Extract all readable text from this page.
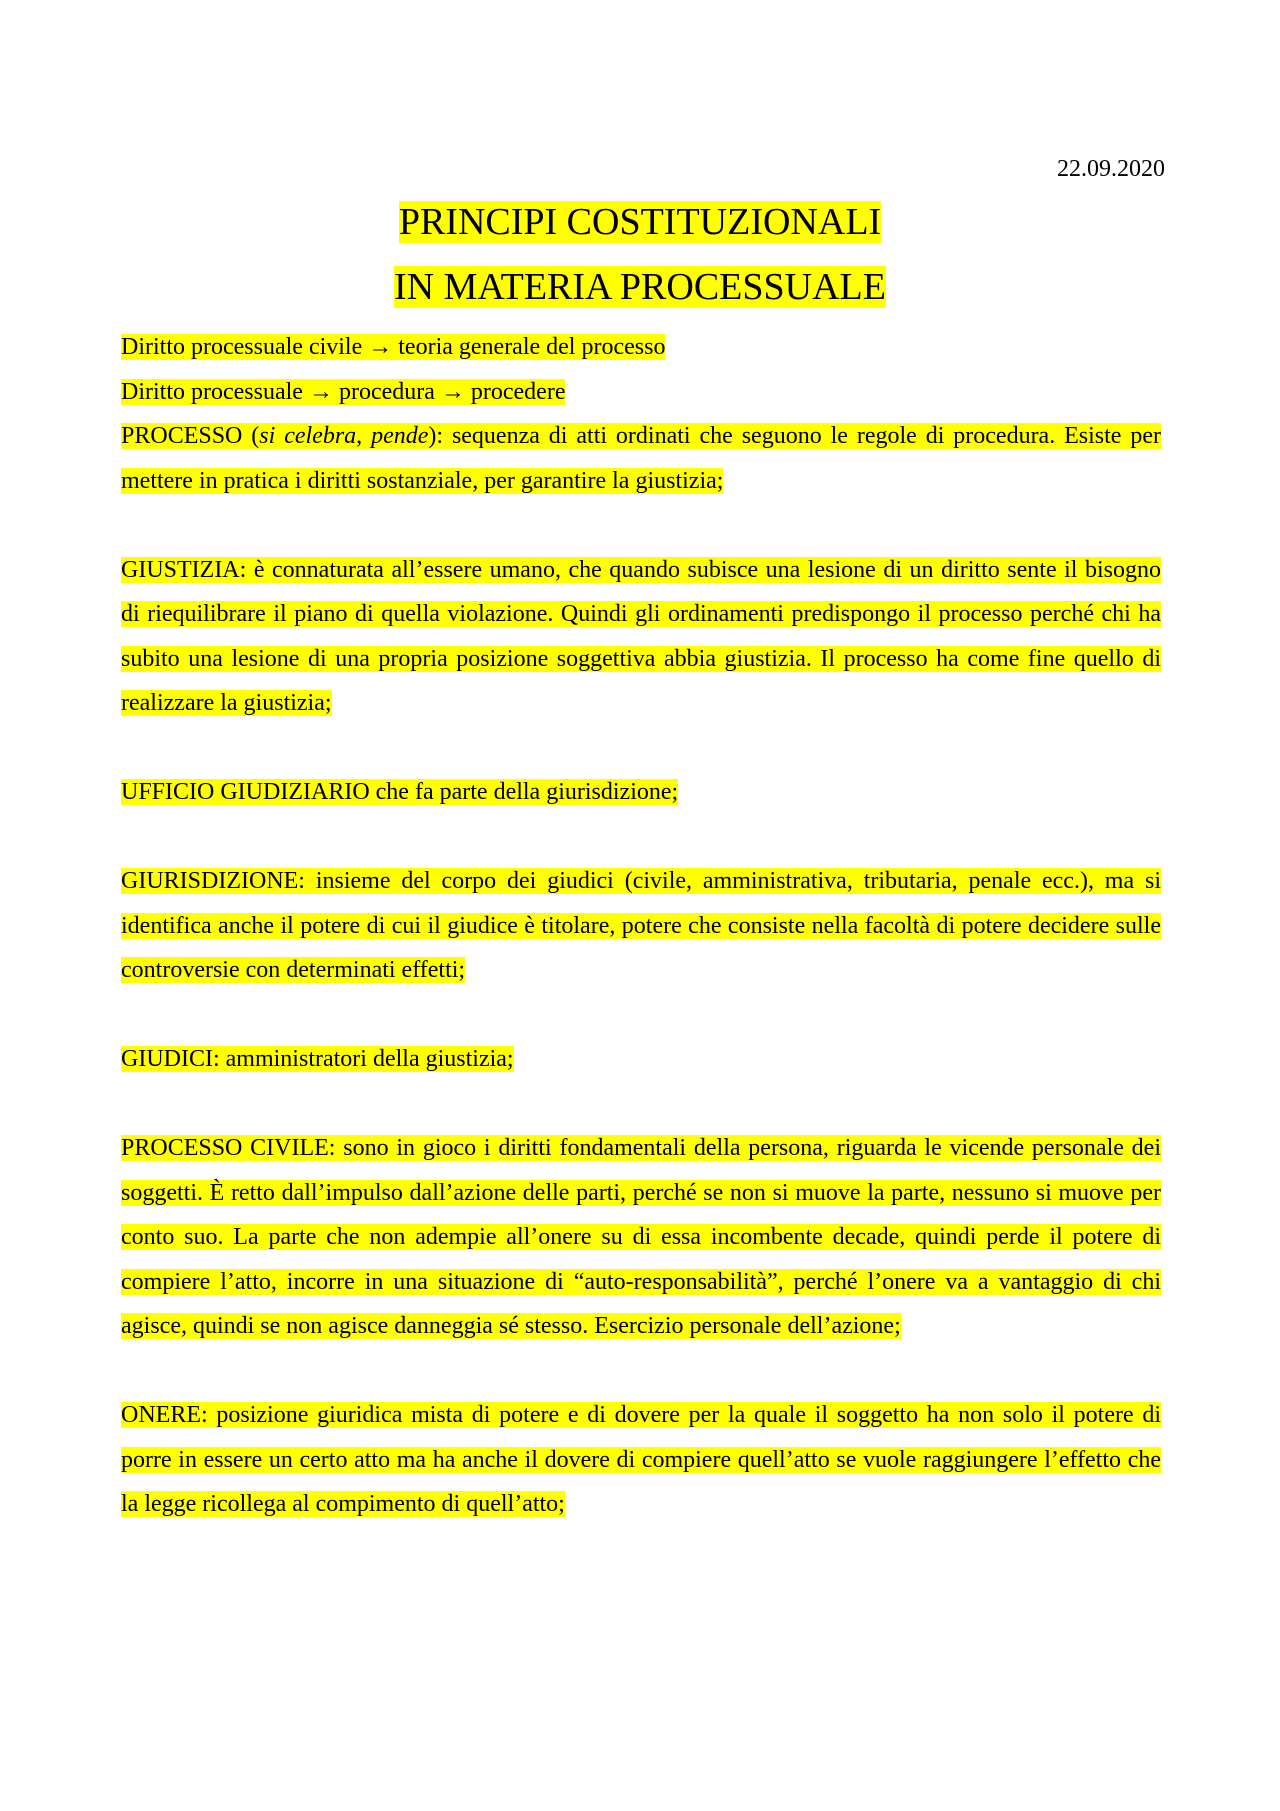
22.09.2020
PRINCIPI COSTITUZIONALI
IN MATERIA PROCESSUALE
Diritto processuale civile → teoria generale del processo
Diritto processuale → procedura → procedere
PROCESSO (si celebra, pende): sequenza di atti ordinati che seguono le regole di procedura. Esiste per mettere in pratica i diritti sostanziale, per garantire la giustizia;
GIUSTIZIA: è connaturata all’essere umano, che quando subisce una lesione di un diritto sente il bisogno di riequilibrare il piano di quella violazione. Quindi gli ordinamenti predispongo il processo perché chi ha subito una lesione di una propria posizione soggettiva abbia giustizia. Il processo ha come fine quello di realizzare la giustizia;
UFFICIO GIUDIZIARIO che fa parte della giurisdizione;
GIURISDIZIONE: insieme del corpo dei giudici (civile, amministrativa, tributaria, penale ecc.), ma si identifica anche il potere di cui il giudice è titolare, potere che consiste nella facoltà di potere decidere sulle controversie con determinati effetti;
GIUDICI: amministratori della giustizia;
PROCESSO CIVILE: sono in gioco i diritti fondamentali della persona, riguarda le vicende personale dei soggetti. È retto dall’impulso dall’azione delle parti, perché se non si muove la parte, nessuno si muove per conto suo. La parte che non adempie all’onere su di essa incombente decade, quindi perde il potere di compiere l’atto, incorre in una situazione di “auto-responsabilità”, perché l’onere va a vantaggio di chi agisce, quindi se non agisce danneggia sé stesso. Esercizio personale dell’azione;
ONERE: posizione giuridica mista di potere e di dovere per la quale il soggetto ha non solo il potere di porre in essere un certo atto ma ha anche il dovere di compiere quell’atto se vuole raggiungere l’effetto che la legge ricollega al compimento di quell’atto;
